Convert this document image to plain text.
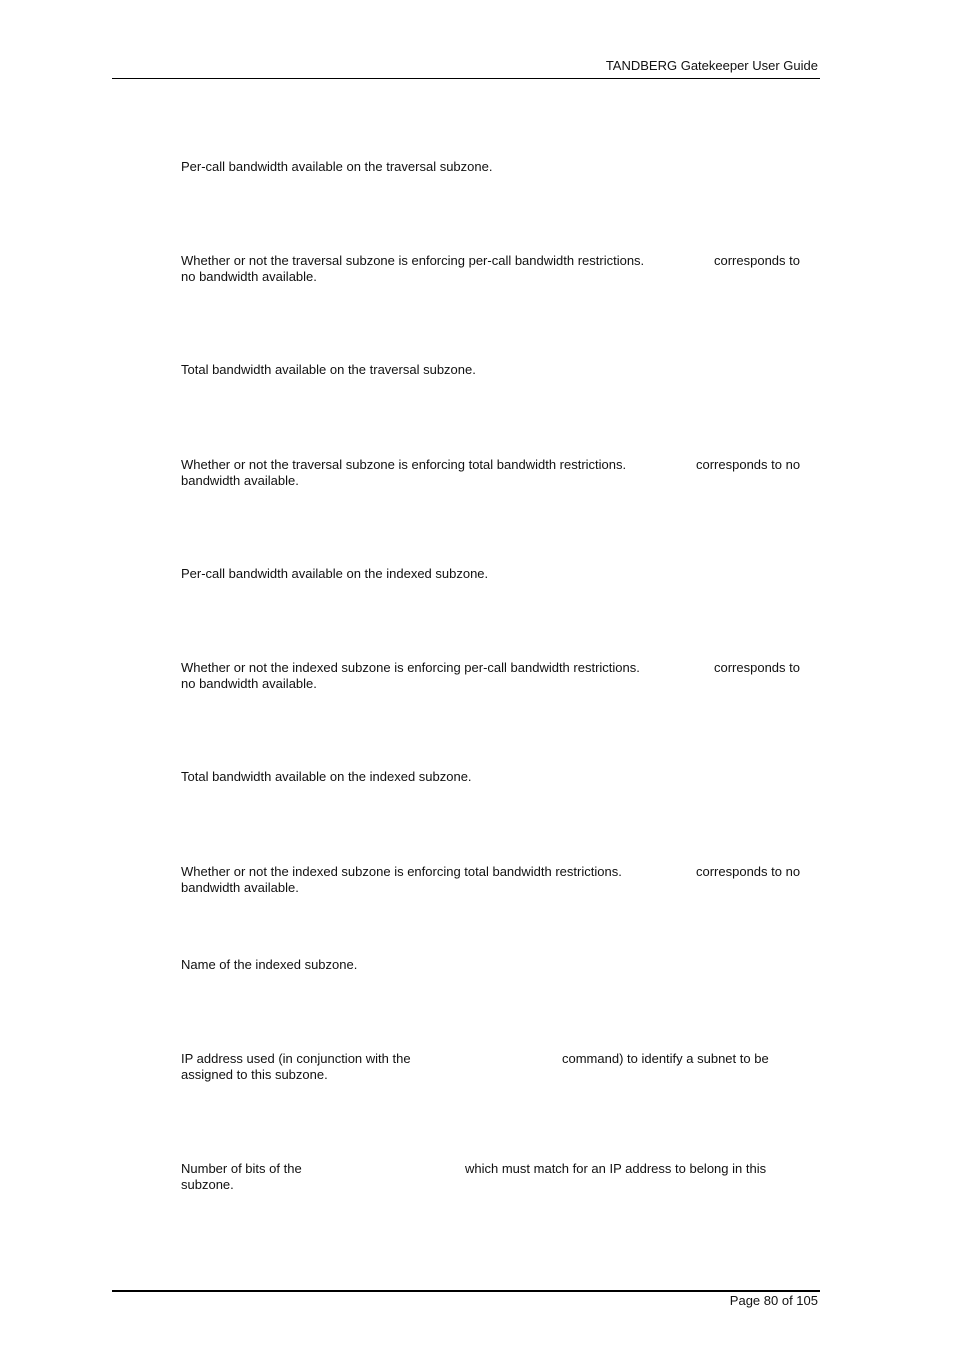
TANDBERG Gatekeeper User Guide
Per-call bandwidth available on the traversal subzone.
Whether or not the traversal subzone is enforcing per-call bandwidth restrictions.	corresponds to
no bandwidth available.
Total bandwidth available on the traversal subzone.
Whether or not the traversal subzone is enforcing total bandwidth restrictions.	corresponds to no
bandwidth available.
Per-call bandwidth available on the indexed subzone.
Whether or not the indexed subzone is enforcing per-call bandwidth restrictions.	corresponds to
no bandwidth available.
Total bandwidth available on the indexed subzone.
Whether or not the indexed subzone is enforcing total bandwidth restrictions.	corresponds to no
bandwidth available.
Name of the indexed subzone.
IP address used (in conjunction with the	command) to identify a subnet to be
assigned to this subzone.
Number of bits of the	which must match for an IP address to belong in this
subzone.
Page 80 of 105
